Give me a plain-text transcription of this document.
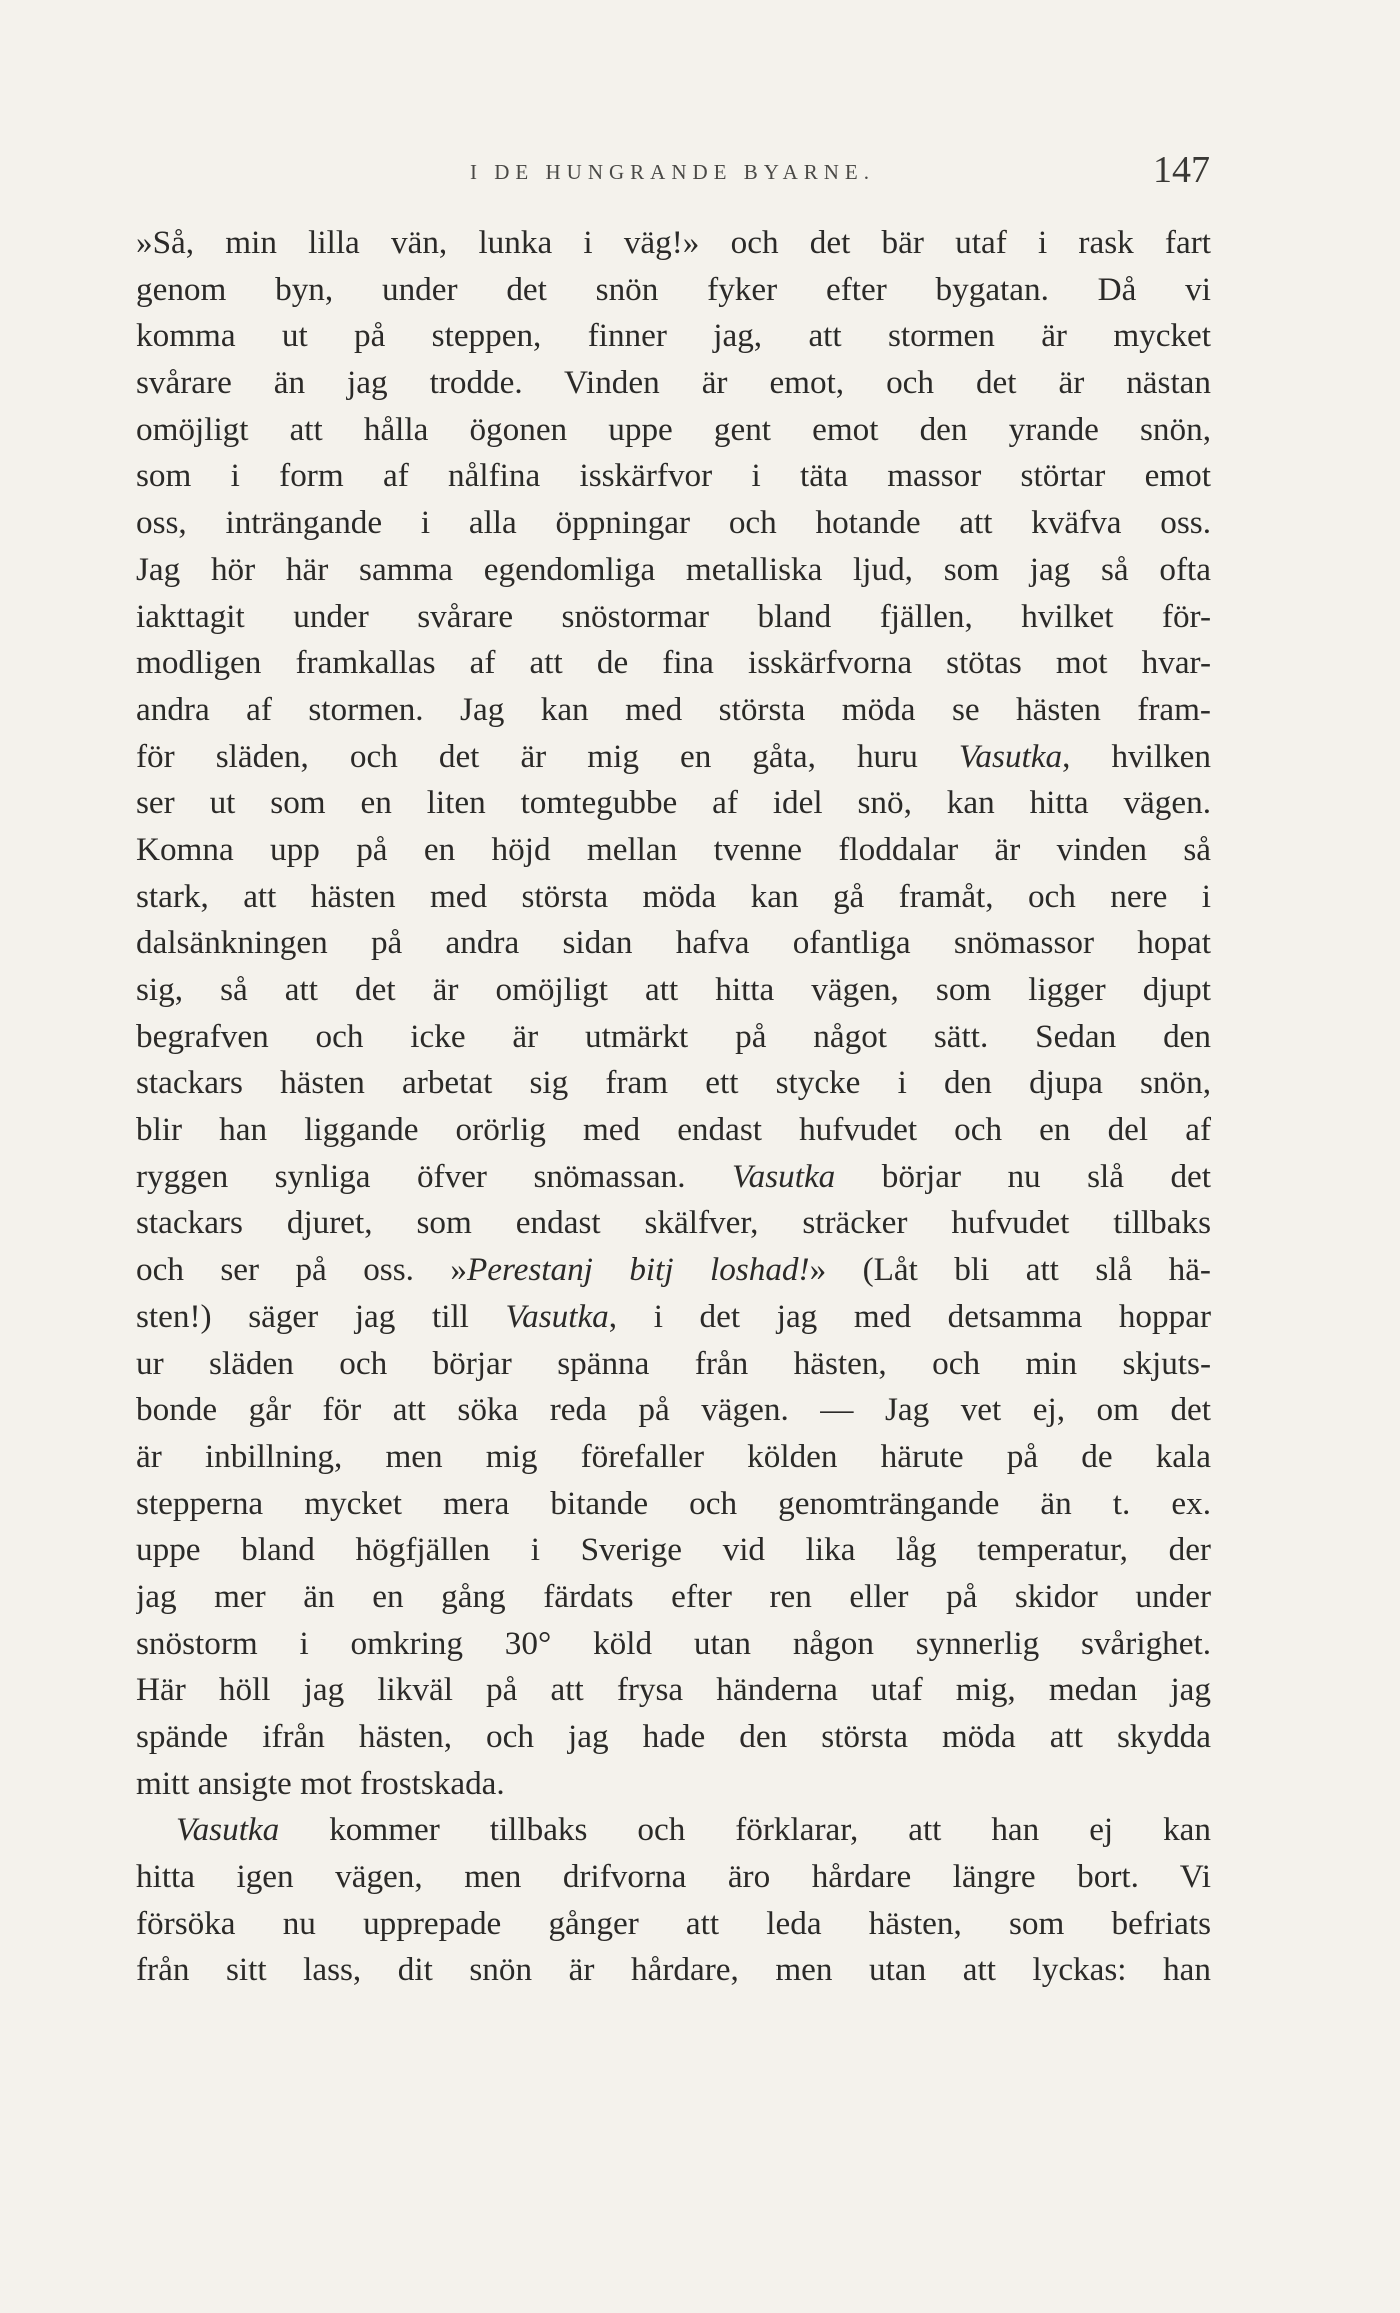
I DE HUNGRANDE BYARNE.	147
»Så, min lilla vän, lunka i väg!» och det bär utaf i rask fart
genom byn, under det snön fyker efter bygatan. Då vi
komma ut på steppen, finner jag, att stormen är mycket
svårare än jag trodde. Vinden är emot, och det är nästan
omöjligt att hålla ögonen uppe gent emot den yrande snön,
som i form af nålfina isskärfvor i täta massor störtar emot
oss, inträngande i alla öppningar och hotande att kväfva oss.
Jag hör här samma egendomliga metalliska ljud, som jag så ofta
iakttagit under svårare snöstormar bland fjällen, hvilket för-
modligen framkallas af att de fina isskärfvorna stötas mot hvar-
andra af stormen. Jag kan med största möda se hästen fram-
för släden, och det är mig en gåta, huru Vasutka, hvilken
ser ut som en liten tomtegubbe af idel snö, kan hitta vägen.
Komna upp på en höjd mellan tvenne floddalar är vinden så
stark, att hästen med största möda kan gå framåt, och nere i
dalsänkningen på andra sidan hafva ofantliga snömassor hopat
sig, så att det är omöjligt att hitta vägen, som ligger djupt
begrafven och icke är utmärkt på något sätt. Sedan den
stackars hästen arbetat sig fram ett stycke i den djupa snön,
blir han liggande orörlig med endast hufvudet och en del af
ryggen synliga öfver snömassan. Vasutka börjar nu slå det
stackars djuret, som endast skälfver, sträcker hufvudet tillbaks
och ser på oss. »Perestanj bitj loshad!» (Låt bli att slå hä-
sten!) säger jag till Vasutka, i det jag med detsamma hoppar
ur släden och börjar spänna från hästen, och min skjuts-
bonde går för att söka reda på vägen. — Jag vet ej, om det
är inbillning, men mig förefaller kölden härute på de kala
stepperna mycket mera bitande och genomträngande än t. ex.
uppe bland högfjällen i Sverige vid lika låg temperatur, der
jag mer än en gång färdats efter ren eller på skidor under
snöstorm i omkring 30° köld utan någon synnerlig svårighet.
Här höll jag likväl på att frysa händerna utaf mig, medan jag
spände ifrån hästen, och jag hade den största möda att skydda
mitt ansigte mot frostskada.
Vasutka kommer tillbaks och förklarar, att han ej kan
hitta igen vägen, men drifvorna äro hårdare längre bort. Vi
försöka nu upprepade gånger att leda hästen, som befriats
från sitt lass, dit snön är hårdare, men utan att lyckas: han
